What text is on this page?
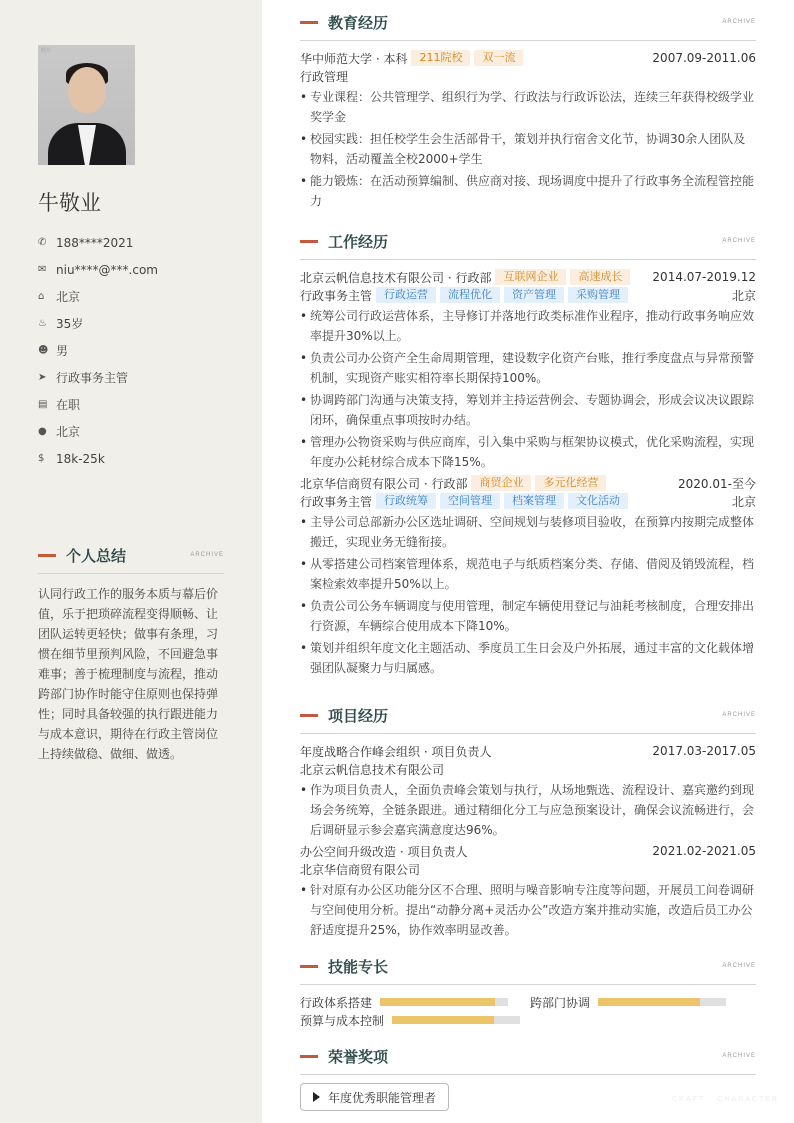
照片
牛敬业
✆ 188****2021
✉ niu****@***.com
⌂ 北京
♨ 35岁
☻ 男
➤ 行政事务主管
▤ 在职
● 北京
$ 18k-25k
个人总结	ARCHIVE
认同行政工作的服务本质与幕后价值，乐于把琐碎流程变得顺畅、让团队运转更轻快；做事有条理，习惯在细节里预判风险，不回避急事难事；善于梳理制度与流程，推动跨部门协作时能守住原则也保持弹性；同时具备较强的执行跟进能力与成本意识，期待在行政主管岗位上持续做稳、做细、做透。
教育经历	ARCHIVE
华中师范大学 · 本科	211院校	双一流	2007.09-2011.06
行政管理
• 专业课程：公共管理学、组织行为学、行政法与行政诉讼法，连续三年获得校级学业奖学金
• 校园实践：担任校学生会生活部骨干，策划并执行宿舍文化节，协调30余人团队及物料，活动覆盖全校2000+学生
• 能力锻炼：在活动预算编制、供应商对接、现场调度中提升了行政事务全流程管控能力
工作经历	ARCHIVE
北京云帆信息技术有限公司 · 行政部	互联网企业	高速成长	2014.07-2019.12
行政事务主管	行政运营	流程优化	资产管理	采购管理	北京
• 统筹公司行政运营体系，主导修订并落地行政类标准作业程序，推动行政事务响应效率提升30%以上。
• 负责公司办公资产全生命周期管理，建设数字化资产台账，推行季度盘点与异常预警机制，实现资产账实相符率长期保持100%。
• 协调跨部门沟通与决策支持，筹划并主持运营例会、专题协调会，形成会议决议跟踪闭环，确保重点事项按时办结。
• 管理办公物资采购与供应商库，引入集中采购与框架协议模式，优化采购流程，实现年度办公耗材综合成本下降15%。
北京华信商贸有限公司 · 行政部	商贸企业	多元化经营	2020.01-至今
行政事务主管	行政统筹	空间管理	档案管理	文化活动	北京
• 主导公司总部新办公区选址调研、空间规划与装修项目验收，在预算内按期完成整体搬迁，实现业务无缝衔接。
• 从零搭建公司档案管理体系，规范电子与纸质档案分类、存储、借阅及销毁流程，档案检索效率提升50%以上。
• 负责公司公务车辆调度与使用管理，制定车辆使用登记与油耗考核制度，合理安排出行资源，车辆综合使用成本下降10%。
• 策划并组织年度文化主题活动、季度员工生日会及户外拓展，通过丰富的文化载体增强团队凝聚力与归属感。
项目经历	ARCHIVE
年度战略合作峰会组织 · 项目负责人	2017.03-2017.05
北京云帆信息技术有限公司
• 作为项目负责人，全面负责峰会策划与执行，从场地甄选、流程设计、嘉宾邀约到现场会务统筹，全链条跟进。通过精细化分工与应急预案设计，确保会议流畅进行，会后调研显示参会嘉宾满意度达96%。
办公空间升级改造 · 项目负责人	2021.02-2021.05
北京华信商贸有限公司
• 针对原有办公区功能分区不合理、照明与噪音影响专注度等问题，开展员工问卷调研与空间使用分析。提出“动静分离+灵活办公”改造方案并推动实施，改造后员工办公舒适度提升25%，协作效率明显改善。
技能专长	ARCHIVE
行政体系搭建	跨部门协调
预算与成本控制
荣誉奖项	ARCHIVE
年度优秀职能管理者	CRAFT · CHARACTER
